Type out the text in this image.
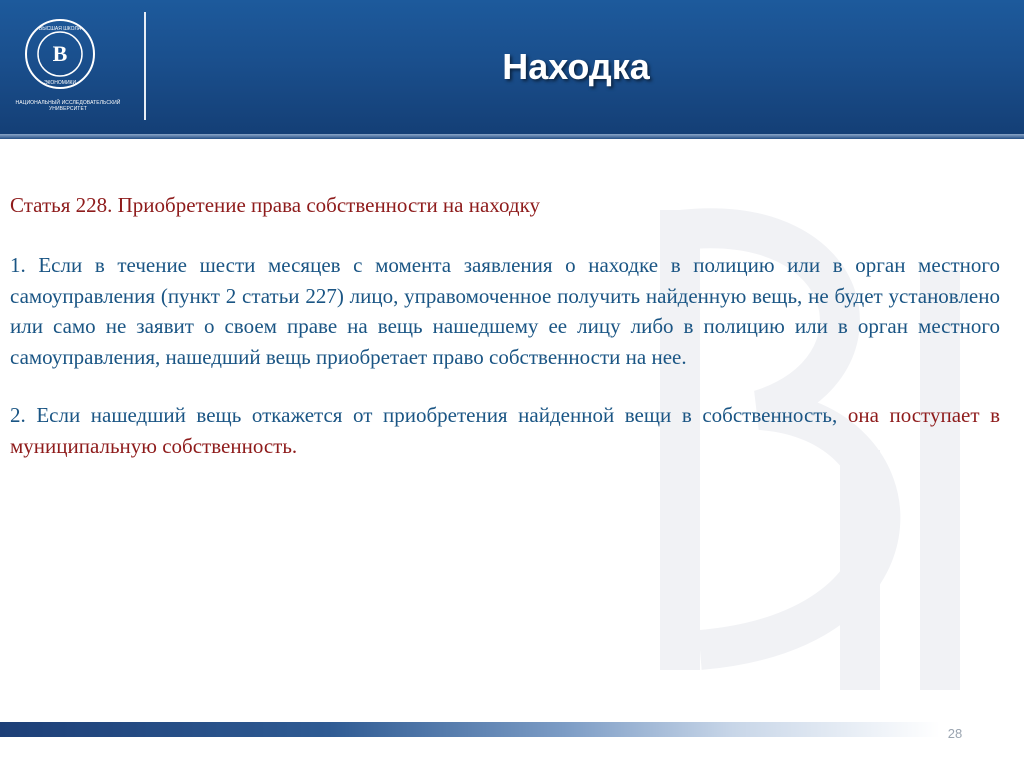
В
ВЫСШАЯ ШКОЛА
ЭКОНОМИКИ
НАЦИОНАЛЬНЫЙ ИССЛЕДОВАТЕЛЬСКИЙ
УНИВЕРСИТЕТ
Находка

Статья 228. Приобретение права собственности на находку

1. Если в течение шести месяцев с момента заявления о находке в полицию или в орган местного самоуправления (пункт 2 статьи 227) лицо, управомоченное получить найденную вещь, не будет установлено или само не заявит о своем праве на вещь нашедшему ее лицу либо в полицию или в орган местного самоуправления, нашедший вещь приобретает право собственности на нее.

2. Если нашедший вещь откажется от приобретения найденной вещи в собственность, она поступает в муниципальную собственность.

28
